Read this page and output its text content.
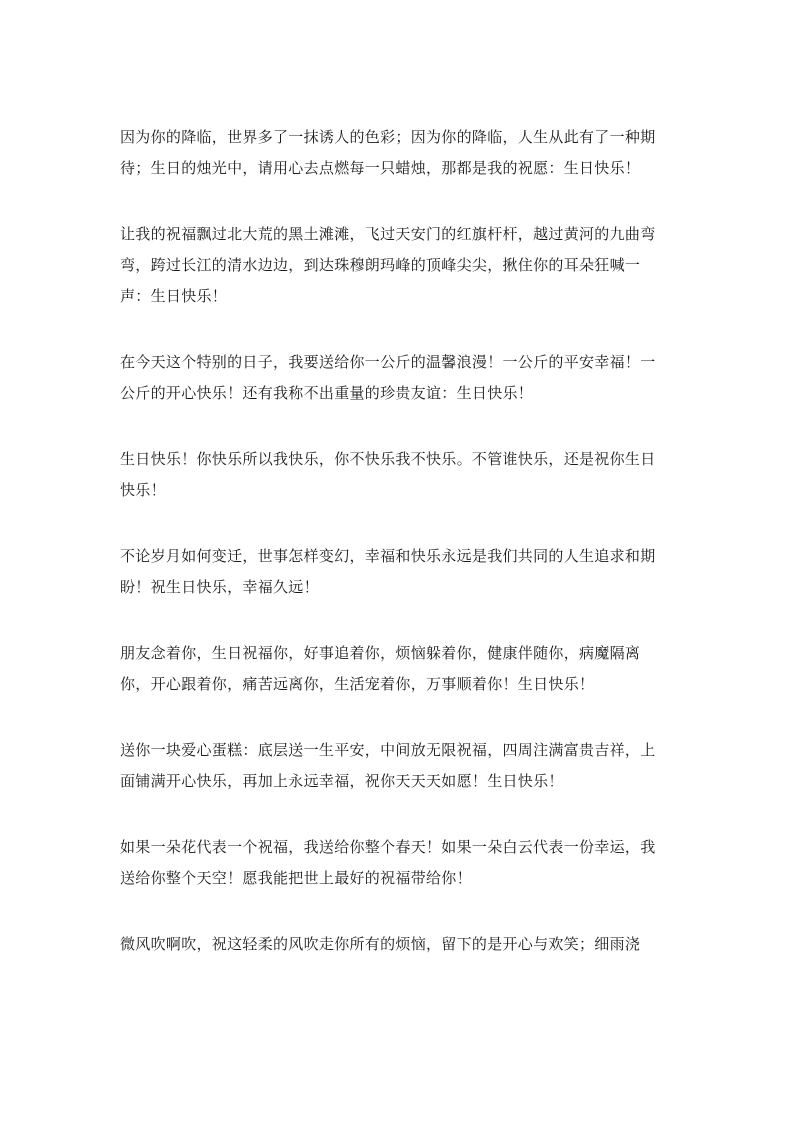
因为你的降临，世界多了一抹诱人的色彩；因为你的降临，人生从此有了一种期待；生日的烛光中，请用心去点燃每一只蜡烛，那都是我的祝愿：生日快乐！

让我的祝福飘过北大荒的黑土滩滩，飞过天安门的红旗杆杆，越过黄河的九曲弯弯，跨过长江的清水边边，到达珠穆朗玛峰的顶峰尖尖，揪住你的耳朵狂喊一声：生日快乐！

在今天这个特别的日子，我要送给你一公斤的温馨浪漫！一公斤的平安幸福！一公斤的开心快乐！还有我称不出重量的珍贵友谊：生日快乐！

生日快乐！你快乐所以我快乐，你不快乐我不快乐。不管谁快乐，还是祝你生日快乐！

不论岁月如何变迁，世事怎样变幻，幸福和快乐永远是我们共同的人生追求和期盼！祝生日快乐，幸福久远！

朋友念着你，生日祝福你，好事追着你，烦恼躲着你，健康伴随你，病魔隔离你，开心跟着你，痛苦远离你，生活宠着你，万事顺着你！生日快乐！

送你一块爱心蛋糕：底层送一生平安，中间放无限祝福，四周注满富贵吉祥，上面铺满开心快乐，再加上永远幸福，祝你天天天如愿！生日快乐！

如果一朵花代表一个祝福，我送给你整个春天！如果一朵白云代表一份幸运，我送给你整个天空！愿我能把世上最好的祝福带给你！

微风吹啊吹，祝这轻柔的风吹走你所有的烦恼，留下的是开心与欢笑；细雨浇
